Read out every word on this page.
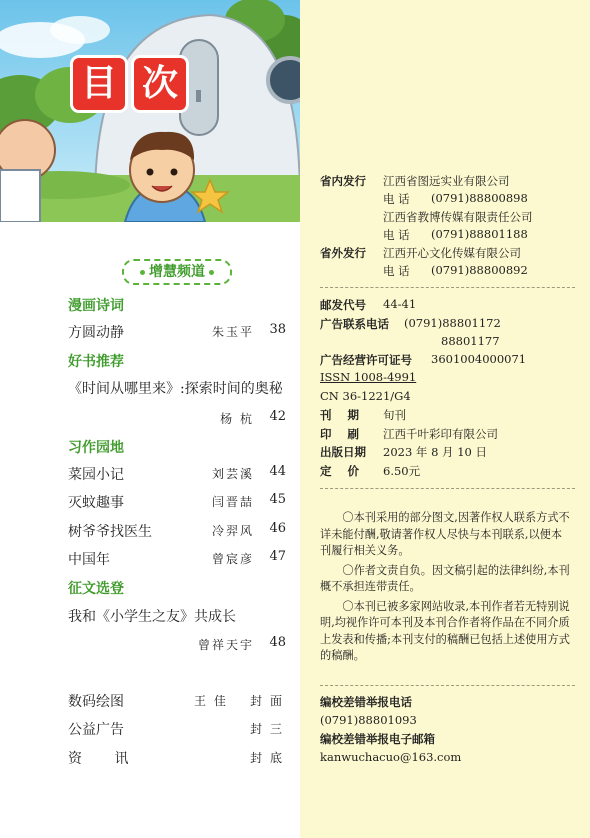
目 次
增慧频道
漫画诗词
方圆动静	朱玉平 38
好书推荐
《时间从哪里来》:探索时间的奥秘
杨 杭 42
习作园地
菜园小记	刘芸溪 44
灭蚊趣事	闫晋喆 45
树爷爷找医生	冷羿风 46
中国年	曾宸彦 47
征文选登
我和《小学生之友》共成长
曾祥天宇 48
数码绘图	王 佳 封 面
公益广告	封 三
资 讯	封 底
省内发行 江西省图远实业有限公司
电 话 (0791)88800898
江西省教博传媒有限责任公司
电 话 (0791)88801188
省外发行 江西开心文化传媒有限公司
电 话 (0791)88800892
邮发代号 44-41
广告联系电话 (0791)88801172
88801177
广告经营许可证号 3601004000071
ISSN 1008-4991
CN 36-1221/G4
刊 期 旬刊
印 刷 江西千叶彩印有限公司
出版日期 2023 年 8 月 10 日
定 价 6.50元

〇本刊采用的部分图文,因著作权人联系方式不详未能付酬,敬请著作权人尽快与本刊联系,以便本刊履行相关义务。

〇作者文责自负。因文稿引起的法律纠纷,本刊概不承担连带责任。

〇本刊已被多家网站收录,本刊作者若无特别说明,均视作许可本刊及本刊合作者将作品在不同介质上发表和传播;本刊支付的稿酬已包括上述使用方式的稿酬。

编校差错举报电话
(0791)88801093
编校差错举报电子邮箱
kanwuchacuo@163.com
